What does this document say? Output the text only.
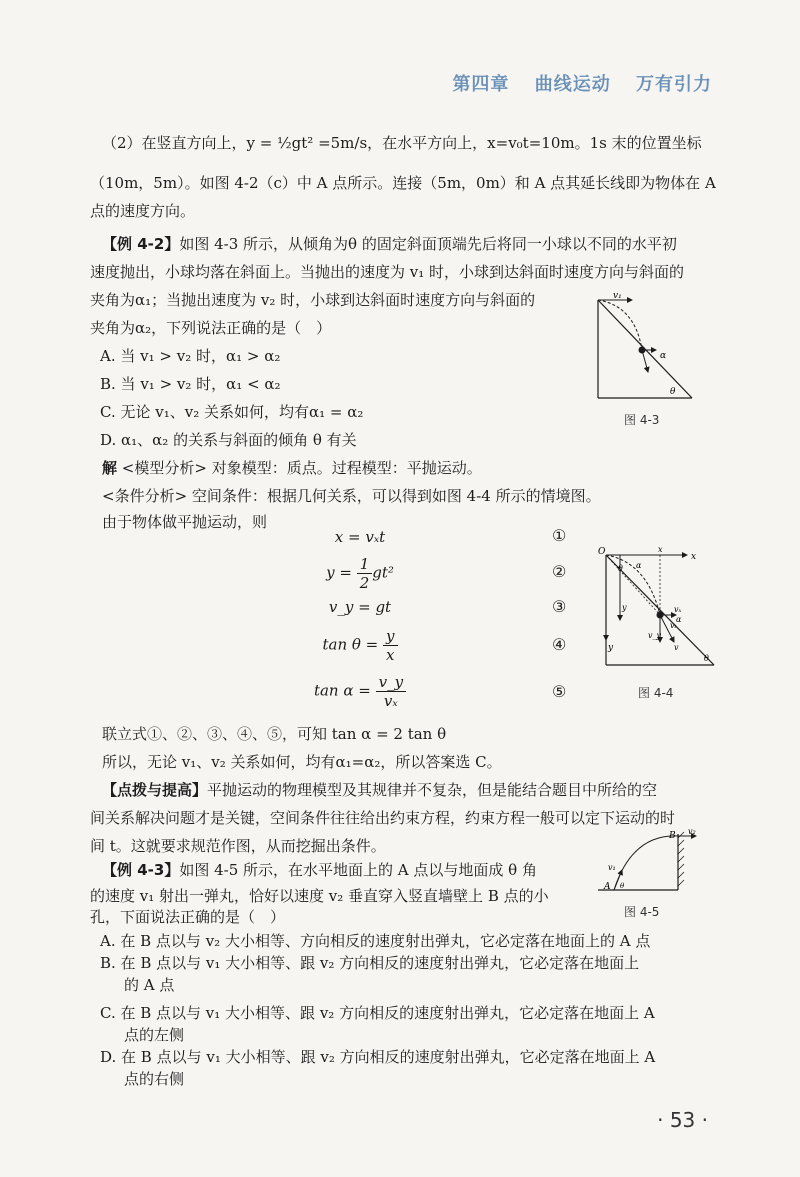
第四章 曲线运动 万有引力
（2）在竖直方向上，y = ½gt² =5m/s，在水平方向上，x=v₀t=10m。1s 末的位置坐标
（10m，5m）。如图 4-2（c）中 A 点所示。连接（5m，0m）和 A 点其延长线即为物体在 A
点的速度方向。
【例 4-2】如图 4-3 所示，从倾角为θ 的固定斜面顶端先后将同一小球以不同的水平初
速度抛出，小球均落在斜面上。当抛出的速度为 v₁ 时，小球到达斜面时速度方向与斜面的
夹角为α₁；当抛出速度为 v₂ 时，小球到达斜面时速度方向与斜面的
夹角为α₂，下列说法正确的是（　）
A. 当 v₁ > v₂ 时，α₁ > α₂
B. 当 v₁ > v₂ 时，α₁ < α₂
C. 无论 v₁、v₂ 关系如何，均有α₁ = α₂
D. α₁、α₂ 的关系与斜面的倾角 θ 有关
v₁
α
θ
图 4-3
解 <模型分析> 对象模型：质点。过程模型：平抛运动。
<条件分析> 空间条件：根据几何关系，可以得到如图 4-4 所示的情境图。
由于物体做平抛运动，则
x = vₓt
$y = \frac{1}{2} gt^2$
v_y = gt
$\tan \theta = \frac{y}{x}$
$\tan \alpha = \frac{v\_y}{\text{vₓ}}$
①
②
③
④
⑤
O	x
x
y
y	vₓ
v_y
v
vₜ
θ
θ
α
α
图 4-4
联立式①、②、③、④、⑤，可知 tan α = 2 tan θ
所以，无论 v₁、v₂ 关系如何，均有α₁=α₂，所以答案选 C。
【点拨与提高】平抛运动的物理模型及其规律并不复杂，但是能结合题目中所给的空
间关系解决问题才是关键，空间条件往往给出约束方程，约束方程一般可以定下运动的时
间 t。这就要求规范作图，从而挖掘出条件。
【例 4-3】如图 4-5 所示，在水平地面上的 A 点以与地面成 θ 角
的速度 v₁ 射出一弹丸，恰好以速度 v₂ 垂直穿入竖直墙壁上 B 点的小
孔，下面说法正确的是（　）
B v₂
v₁
A θ
图 4-5
A. 在 B 点以与 v₂ 大小相等、方向相反的速度射出弹丸，它必定落在地面上的 A 点
B. 在 B 点以与 v₁ 大小相等、跟 v₂ 方向相反的速度射出弹丸，它必定落在地面上
的 A 点
C. 在 B 点以与 v₁ 大小相等、跟 v₂ 方向相反的速度射出弹丸，它必定落在地面上 A
点的左侧
D. 在 B 点以与 v₁ 大小相等、跟 v₂ 方向相反的速度射出弹丸，它必定落在地面上 A
点的右侧
· 53 ·
